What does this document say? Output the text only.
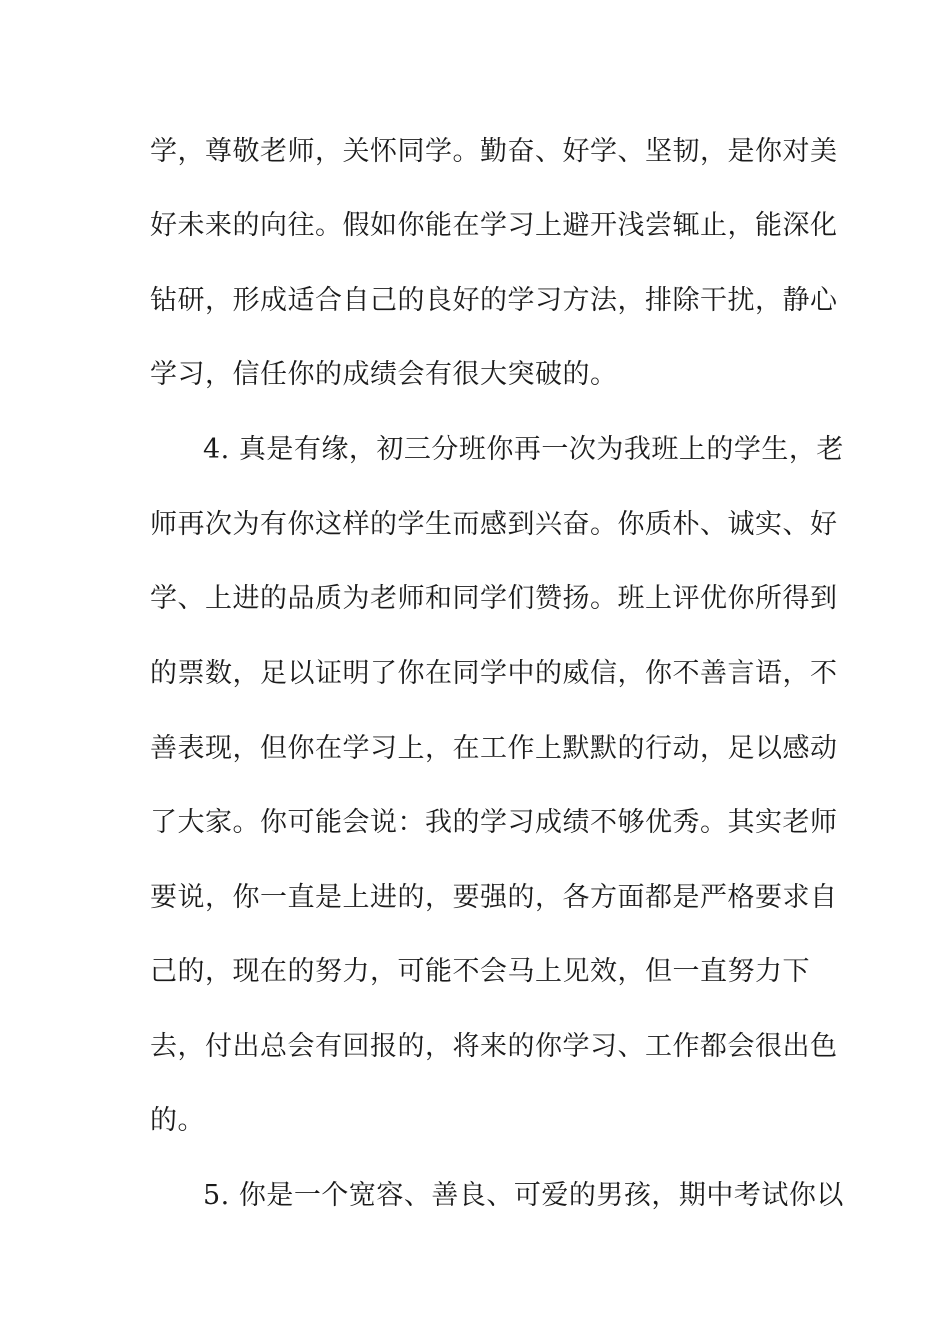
学，尊敬老师，关怀同学。勤奋、好学、坚韧，是你对美
好未来的向往。假如你能在学习上避开浅尝辄止，能深化
钻研，形成适合自己的良好的学习方法，排除干扰，静心
学习，信任你的成绩会有很大突破的。
4. 真是有缘，初三分班你再一次为我班上的学生，老
师再次为有你这样的学生而感到兴奋。你质朴、诚实、好
学、上进的品质为老师和同学们赞扬。班上评优你所得到
的票数，足以证明了你在同学中的威信，你不善言语，不
善表现，但你在学习上，在工作上默默的行动，足以感动
了大家。你可能会说：我的学习成绩不够优秀。其实老师
要说，你一直是上进的，要强的，各方面都是严格要求自
己的，现在的努力，可能不会马上见效，但一直努力下
去，付出总会有回报的，将来的你学习、工作都会很出色
的。
5. 你是一个宽容、善良、可爱的男孩，期中考试你以
